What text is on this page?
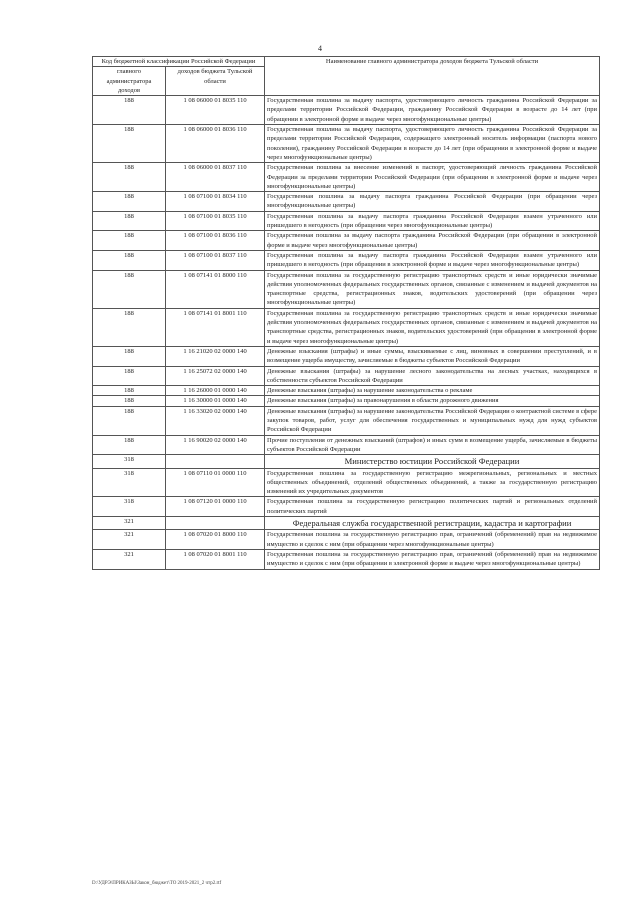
4
Код бюджетной классификации Российской Федерации		Наименование главного администратора доходов бюджета Тульской области
главного администратора доходов	доходов бюджета Тульской области	
188	1 08 06000 01 8035 110	Государственная пошлина за выдачу паспорта, удостоверяющего личность гражданина Российской Федерации за пределами территории Российской Федерации, гражданину Российской Федерации в возрасте до 14 лет (при обращении в электронной форме и выдаче через многофункциональные центры)
188	1 08 06000 01 8036 110	Государственная пошлина за выдачу паспорта, удостоверяющего личность гражданина Российской Федерации за пределами территории Российской Федерации, содержащего электронный носитель информации (паспорта нового поколения), гражданину Российской Федерации в возрасте до 14 лет (при обращении в электронной форме и выдаче через многофункциональные центры)
188	1 08 06000 01 8037 110	Государственная пошлина за внесение изменений в паспорт, удостоверяющий личность гражданина Российской Федерации за пределами территории Российской Федерации (при обращении в электронной форме и выдаче через многофункциональные центры)
188	1 08 07100 01 8034 110	Государственная пошлина за выдачу паспорта гражданина Российской Федерации (при обращении через многофункциональные центры)
188	1 08 07100 01 8035 110	Государственная пошлина за выдачу паспорта гражданина Российской Федерации взамен утраченного или пришедшего в негодность (при обращении через многофункциональные центры)
188	1 08 07100 01 8036 110	Государственная пошлина за выдачу паспорта гражданина Российской Федерации (при обращении в электронной форме и выдаче через многофункциональные центры)
188	1 08 07100 01 8037 110	Государственная пошлина за выдачу паспорта гражданина Российской Федерации взамен утраченного или пришедшего в негодность (при обращении в электронной форме и выдаче через многофункциональные центры)
188	1 08 07141 01 8000 110	Государственная пошлина за государственную регистрацию транспортных средств и иные юридически значимые действия уполномоченных федеральных государственных органов, связанные с изменением и выдачей документов на транспортные средства, регистрационных знаков, водительских удостоверений (при обращении через многофункциональные центры)
188	1 08 07141 01 8001 110	Государственная пошлина за государственную регистрацию транспортных средств и иные юридически значимые действия уполномоченных федеральных государственных органов, связанные с изменением и выдачей документов на транспортные средства, регистрационных знаков, водительских удостоверений (при обращении в электронной форме и выдаче через многофункциональные центры)
188	1 16 21020 02 0000 140	Денежные взыскания (штрафы) и иные суммы, взыскиваемые с лиц, виновных в совершении преступлений, и в возмещение ущерба имуществу, зачисляемые в бюджеты субъектов Российской Федерации
188	1 16 25072 02 0000 140	Денежные взыскания (штрафы) за нарушение лесного законодательства на лесных участках, находящихся в собственности субъектов Российской Федерации
188	1 16 26000 01 0000 140	Денежные взыскания (штрафы) за нарушение законодательства о рекламе
188	1 16 30000 01 0000 140	Денежные взыскания (штрафы) за правонарушения в области дорожного движения
188	1 16 33020 02 0000 140	Денежные взыскания (штрафы) за нарушение законодательства Российской Федерации о контрактной системе в сфере закупок товаров, работ, услуг для обеспечения государственных и муниципальных нужд для нужд субъектов Российской Федерации
188	1 16 90020 02 0000 140	Прочие поступления от денежных взысканий (штрафов) и иных сумм в возмещение ущерба, зачисляемые в бюджеты субъектов Российской Федерации
318		Министерство юстиции Российской Федерации
318	1 08 07110 01 0000 110	Государственная пошлина за государственную регистрацию межрегиональных, региональных и местных общественных объединений, отделений общественных объединений, а также за государственную регистрацию изменений их учредительных документов
318	1 08 07120 01 0000 110	Государственная пошлина за государственную регистрацию политических партий и региональных отделений политических партий
321		Федеральная служба государственной регистрации, кадастра и картографии
321	1 08 07020 01 8000 110	Государственная пошлина за государственную регистрацию прав, ограничений (обременений) прав на недвижимое имущество и сделок с ним (при обращении через многофункциональные центры)
321	1 08 07020 01 8001 110	Государственная пошлина за государственную регистрацию прав, ограничений (обременений) прав на недвижимое имущество и сделок с ним (при обращении в электронной форме и выдаче через многофункциональные центры)
D:\УДРЭ\ПРИКАЗЫ\Закон_бюджет\ТО 2019-2021_2 чтр2.rtf
